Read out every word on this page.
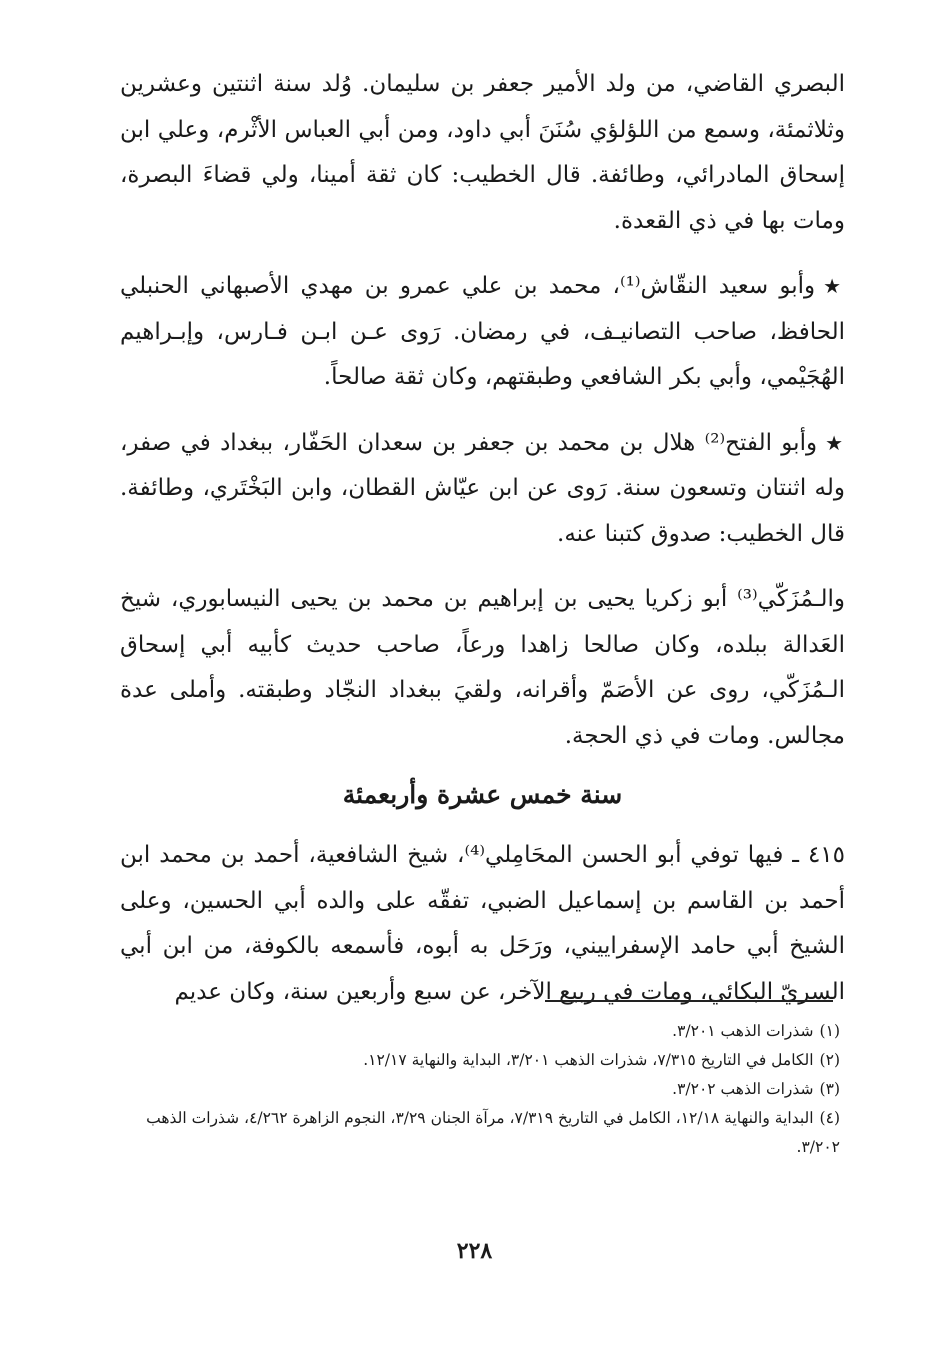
البصري القاضي، من ولد الأمير جعفر بن سليمان. وُلد سنة اثنتين وعشرين وثلاثمئة، وسمع من اللؤلؤي سُنَنَ أبي داود، ومن أبي العباس الأثْرم، وعلي ابن إسحاق المادرائي، وطائفة. قال الخطيب: كان ثقة أمينا، ولي قضاءَ البصرة، ومات بها في ذي القعدة.

★وأبو سعيد النقّاش⁽¹⁾، محمد بن علي عمرو بن مهدي الأصبهاني الحنبلي الحافظ، صاحب التصانيـف، في رمضان. رَوى عـن ابـن فـارس، وإبـراهيم الهُجَيْمي، وأبي بكر الشافعي وطبقتهم، وكان ثقة صالحاً.

★وأبو الفتح⁽²⁾ هلال بن محمد بن جعفر بن سعدان الحَفّار، ببغداد في صفر، وله اثنتان وتسعون سنة. رَوى عن ابن عيّاش القطان، وابن البَخْتَري، وطائفة. قال الخطيب: صدوق كتبنا عنه.

والـمُزَكّي⁽³⁾ أبو زكريا يحيى بن إبراهيم بن محمد بن يحيى النيسابوري، شيخ العَدالة ببلده، وكان صالحا زاهدا ورعاً، صاحب حديث كأبيه أبي إسحاق الـمُزَكّي، روى عن الأصَمّ وأقرانه، ولقيَ ببغداد النجّاد وطبقته. وأملى عدة مجالس. ومات في ذي الحجة.

سنة خمس عشرة وأربعمئة

٤١٥ ـ فيها توفي أبو الحسن المحَامِلي⁽⁴⁾، شيخ الشافعية، أحمد بن محمد ابن أحمد بن القاسم بن إسماعيل الضبي، تفقّه على والده أبي الحسين، وعلى الشيخ أبي حامد الإسفراييني، ورَحَل به أبوه، فأسمعه بالكوفة، من ابن أبي السريّ البكائي، ومات في ربيع الآخر، عن سبع وأربعين سنة، وكان عديم

(١)شذرات الذهب ٣/٢٠١.

(٢)الكامل في التاريخ ٧/٣١٥، شذرات الذهب ٣/٢٠١، البداية والنهاية ١٢/١٧.

(٣)شذرات الذهب ٣/٢٠٢.

(٤)البداية والنهاية ١٢/١٨، الكامل في التاريخ ٧/٣١٩، مرآة الجنان ٣/٢٩، النجوم الزاهرة ٤/٢٦٢، شذرات الذهب ٣/٢٠٢.

٢٢٨
